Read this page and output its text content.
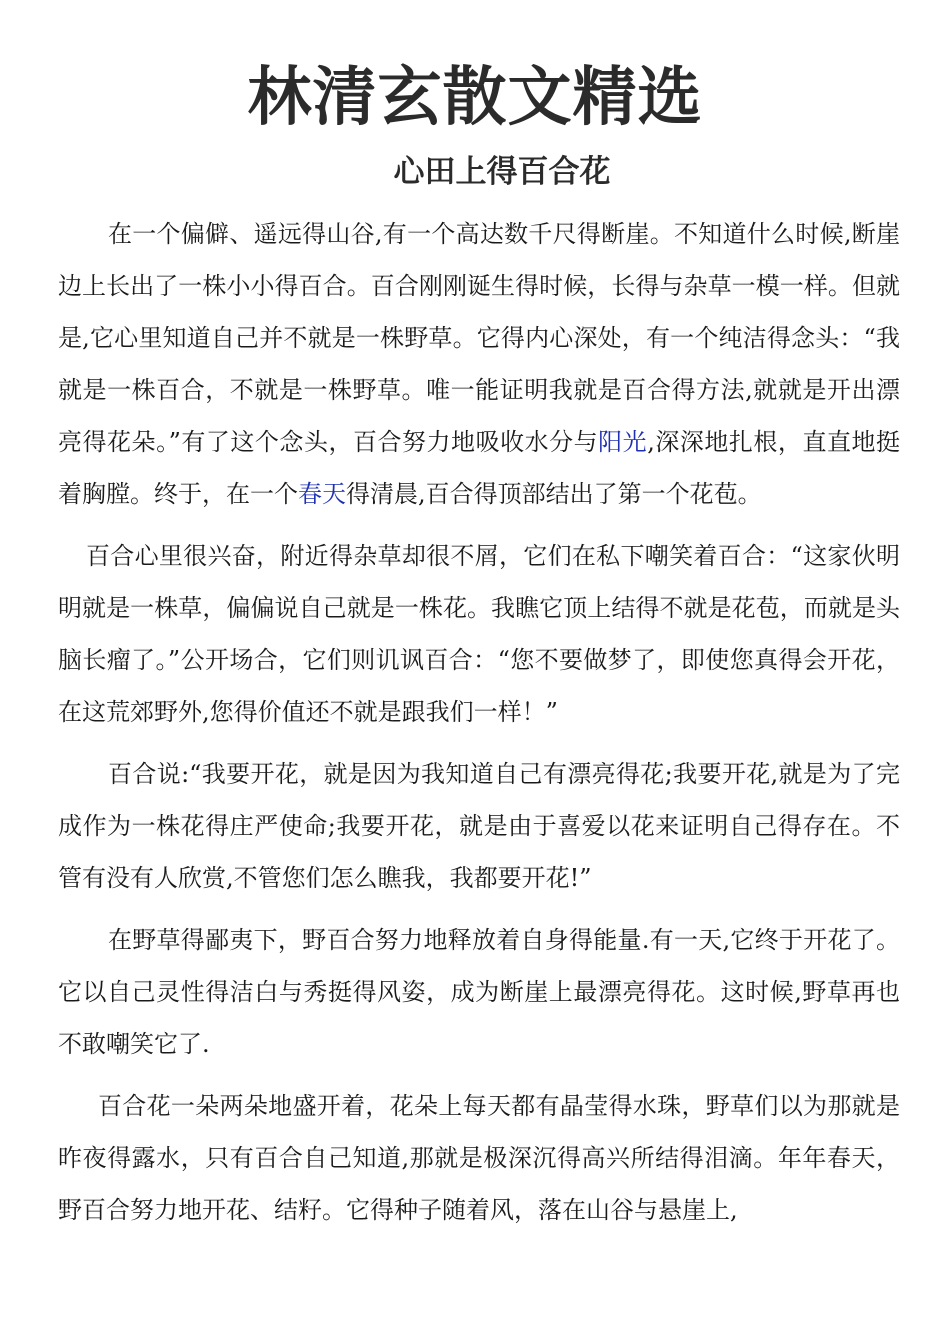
林清玄散文精选
心田上得百合花

在一个偏僻、遥远得山谷,有一个高达数千尺得断崖。不知道什么时候,断崖边上长出了一株小小得百合。百合刚刚诞生得时候，长得与杂草一模一样。但就是,它心里知道自己并不就是一株野草。它得内心深处，有一个纯洁得念头：“我就是一株百合，不就是一株野草。唯一能证明我就是百合得方法,就就是开出漂亮得花朵。”有了这个念头，百合努力地吸收水分与阳光,深深地扎根，直直地挺着胸膛。终于，在一个春天得清晨,百合得顶部结出了第一个花苞。

百合心里很兴奋，附近得杂草却很不屑，它们在私下嘲笑着百合：“这家伙明明就是一株草，偏偏说自己就是一株花。我瞧它顶上结得不就是花苞，而就是头脑长瘤了。”公开场合，它们则讥讽百合：“您不要做梦了，即使您真得会开花，在这荒郊野外,您得价值还不就是跟我们一样！”

百合说:“我要开花，就是因为我知道自己有漂亮得花;我要开花,就是为了完成作为一株花得庄严使命;我要开花，就是由于喜爱以花来证明自己得存在。不管有没有人欣赏,不管您们怎么瞧我，我都要开花!”

在野草得鄙夷下，野百合努力地释放着自身得能量.有一天,它终于开花了。它以自己灵性得洁白与秀挺得风姿，成为断崖上最漂亮得花。这时候,野草再也不敢嘲笑它了.

百合花一朵两朵地盛开着，花朵上每天都有晶莹得水珠，野草们以为那就是昨夜得露水，只有百合自己知道,那就是极深沉得高兴所结得泪滴。年年春天，野百合努力地开花、结籽。它得种子随着风，落在山谷与悬崖上,
